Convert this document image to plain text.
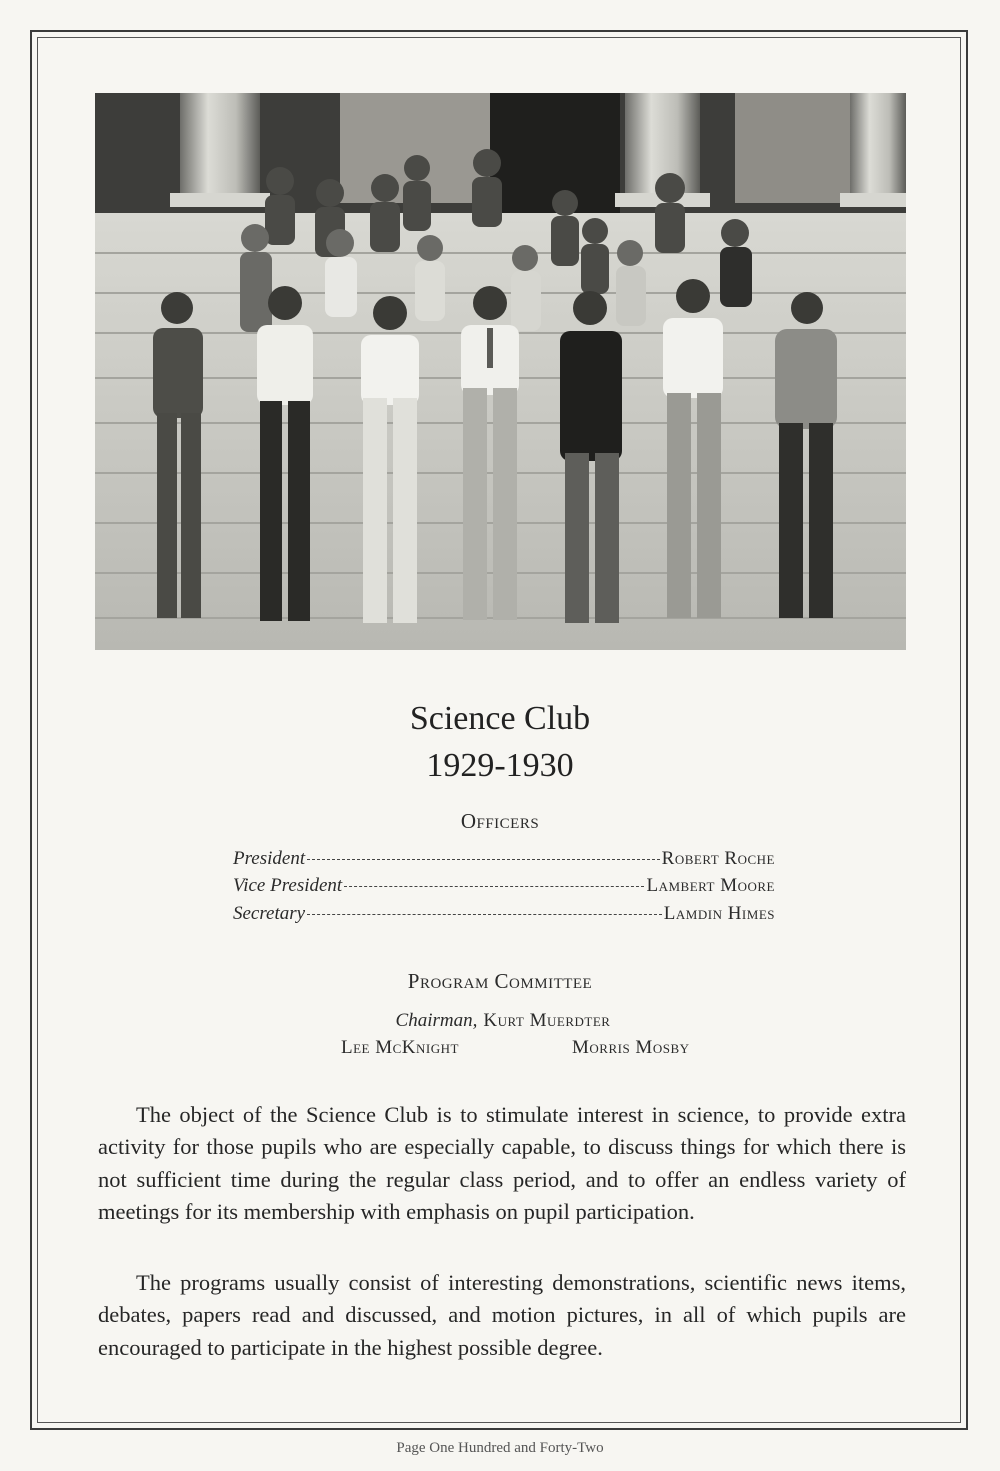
Science Club
1929-1930
Officers
President	Robert Roche
Vice President	Lambert Moore
Secretary	Lamdin Himes
Program Committee
Chairman, Kurt Muerdter
Lee McKnight	Morris Mosby
The object of the Science Club is to stimulate interest in science, to provide extra activity for those pupils who are especially capable, to discuss things for which there is not sufficient time during the regular class period, and to offer an endless variety of meetings for its membership with emphasis on pupil participation.
The programs usually consist of interesting demonstrations, scientific news items, debates, papers read and discussed, and motion pictures, in all of which pupils are encouraged to participate in the highest possible degree.
Page One Hundred and Forty-Two
